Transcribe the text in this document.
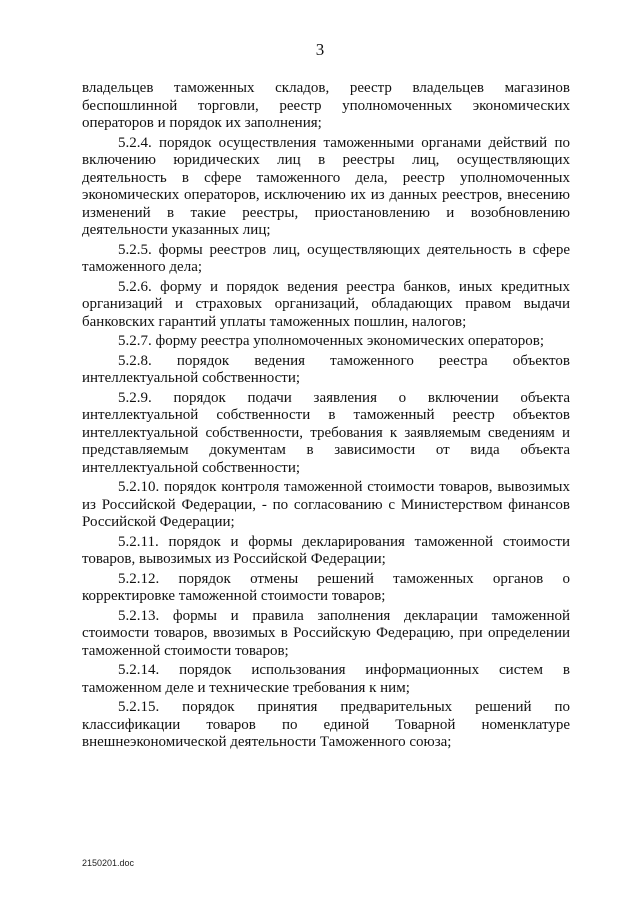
3

владельцев таможенных складов, реестр владельцев магазинов беспошлинной торговли, реестр уполномоченных экономических операторов и порядок их заполнения;

5.2.4. порядок осуществления таможенными органами действий по включению юридических лиц в реестры лиц, осуществляющих деятельность в сфере таможенного дела, реестр уполномоченных экономических операторов, исключению их из данных реестров, внесению изменений в такие реестры, приостановлению и возобновлению деятельности указанных лиц;

5.2.5. формы реестров лиц, осуществляющих деятельность в сфере таможенного дела;

5.2.6. форму и порядок ведения реестра банков, иных кредитных организаций и страховых организаций, обладающих правом выдачи банковских гарантий уплаты таможенных пошлин, налогов;

5.2.7. форму реестра уполномоченных экономических операторов;

5.2.8. порядок ведения таможенного реестра объектов интеллектуальной собственности;

5.2.9. порядок подачи заявления о включении объекта интеллектуальной собственности в таможенный реестр объектов интеллектуальной собственности, требования к заявляемым сведениям и представляемым документам в зависимости от вида объекта интеллектуальной собственности;

5.2.10. порядок контроля таможенной стоимости товаров, вывозимых из Российской Федерации, - по согласованию с Министерством финансов Российской Федерации;

5.2.11. порядок и формы декларирования таможенной стоимости товаров, вывозимых из Российской Федерации;

5.2.12. порядок отмены решений таможенных органов о корректировке таможенной стоимости товаров;

5.2.13. формы и правила заполнения декларации таможенной стоимости товаров, ввозимых в Российскую Федерацию, при определении таможенной стоимости товаров;

5.2.14. порядок использования информационных систем в таможенном деле и технические требования к ним;

5.2.15. порядок принятия предварительных решений по классификации товаров по единой Товарной номенклатуре внешнеэкономической деятельности Таможенного союза;

2150201.doc
